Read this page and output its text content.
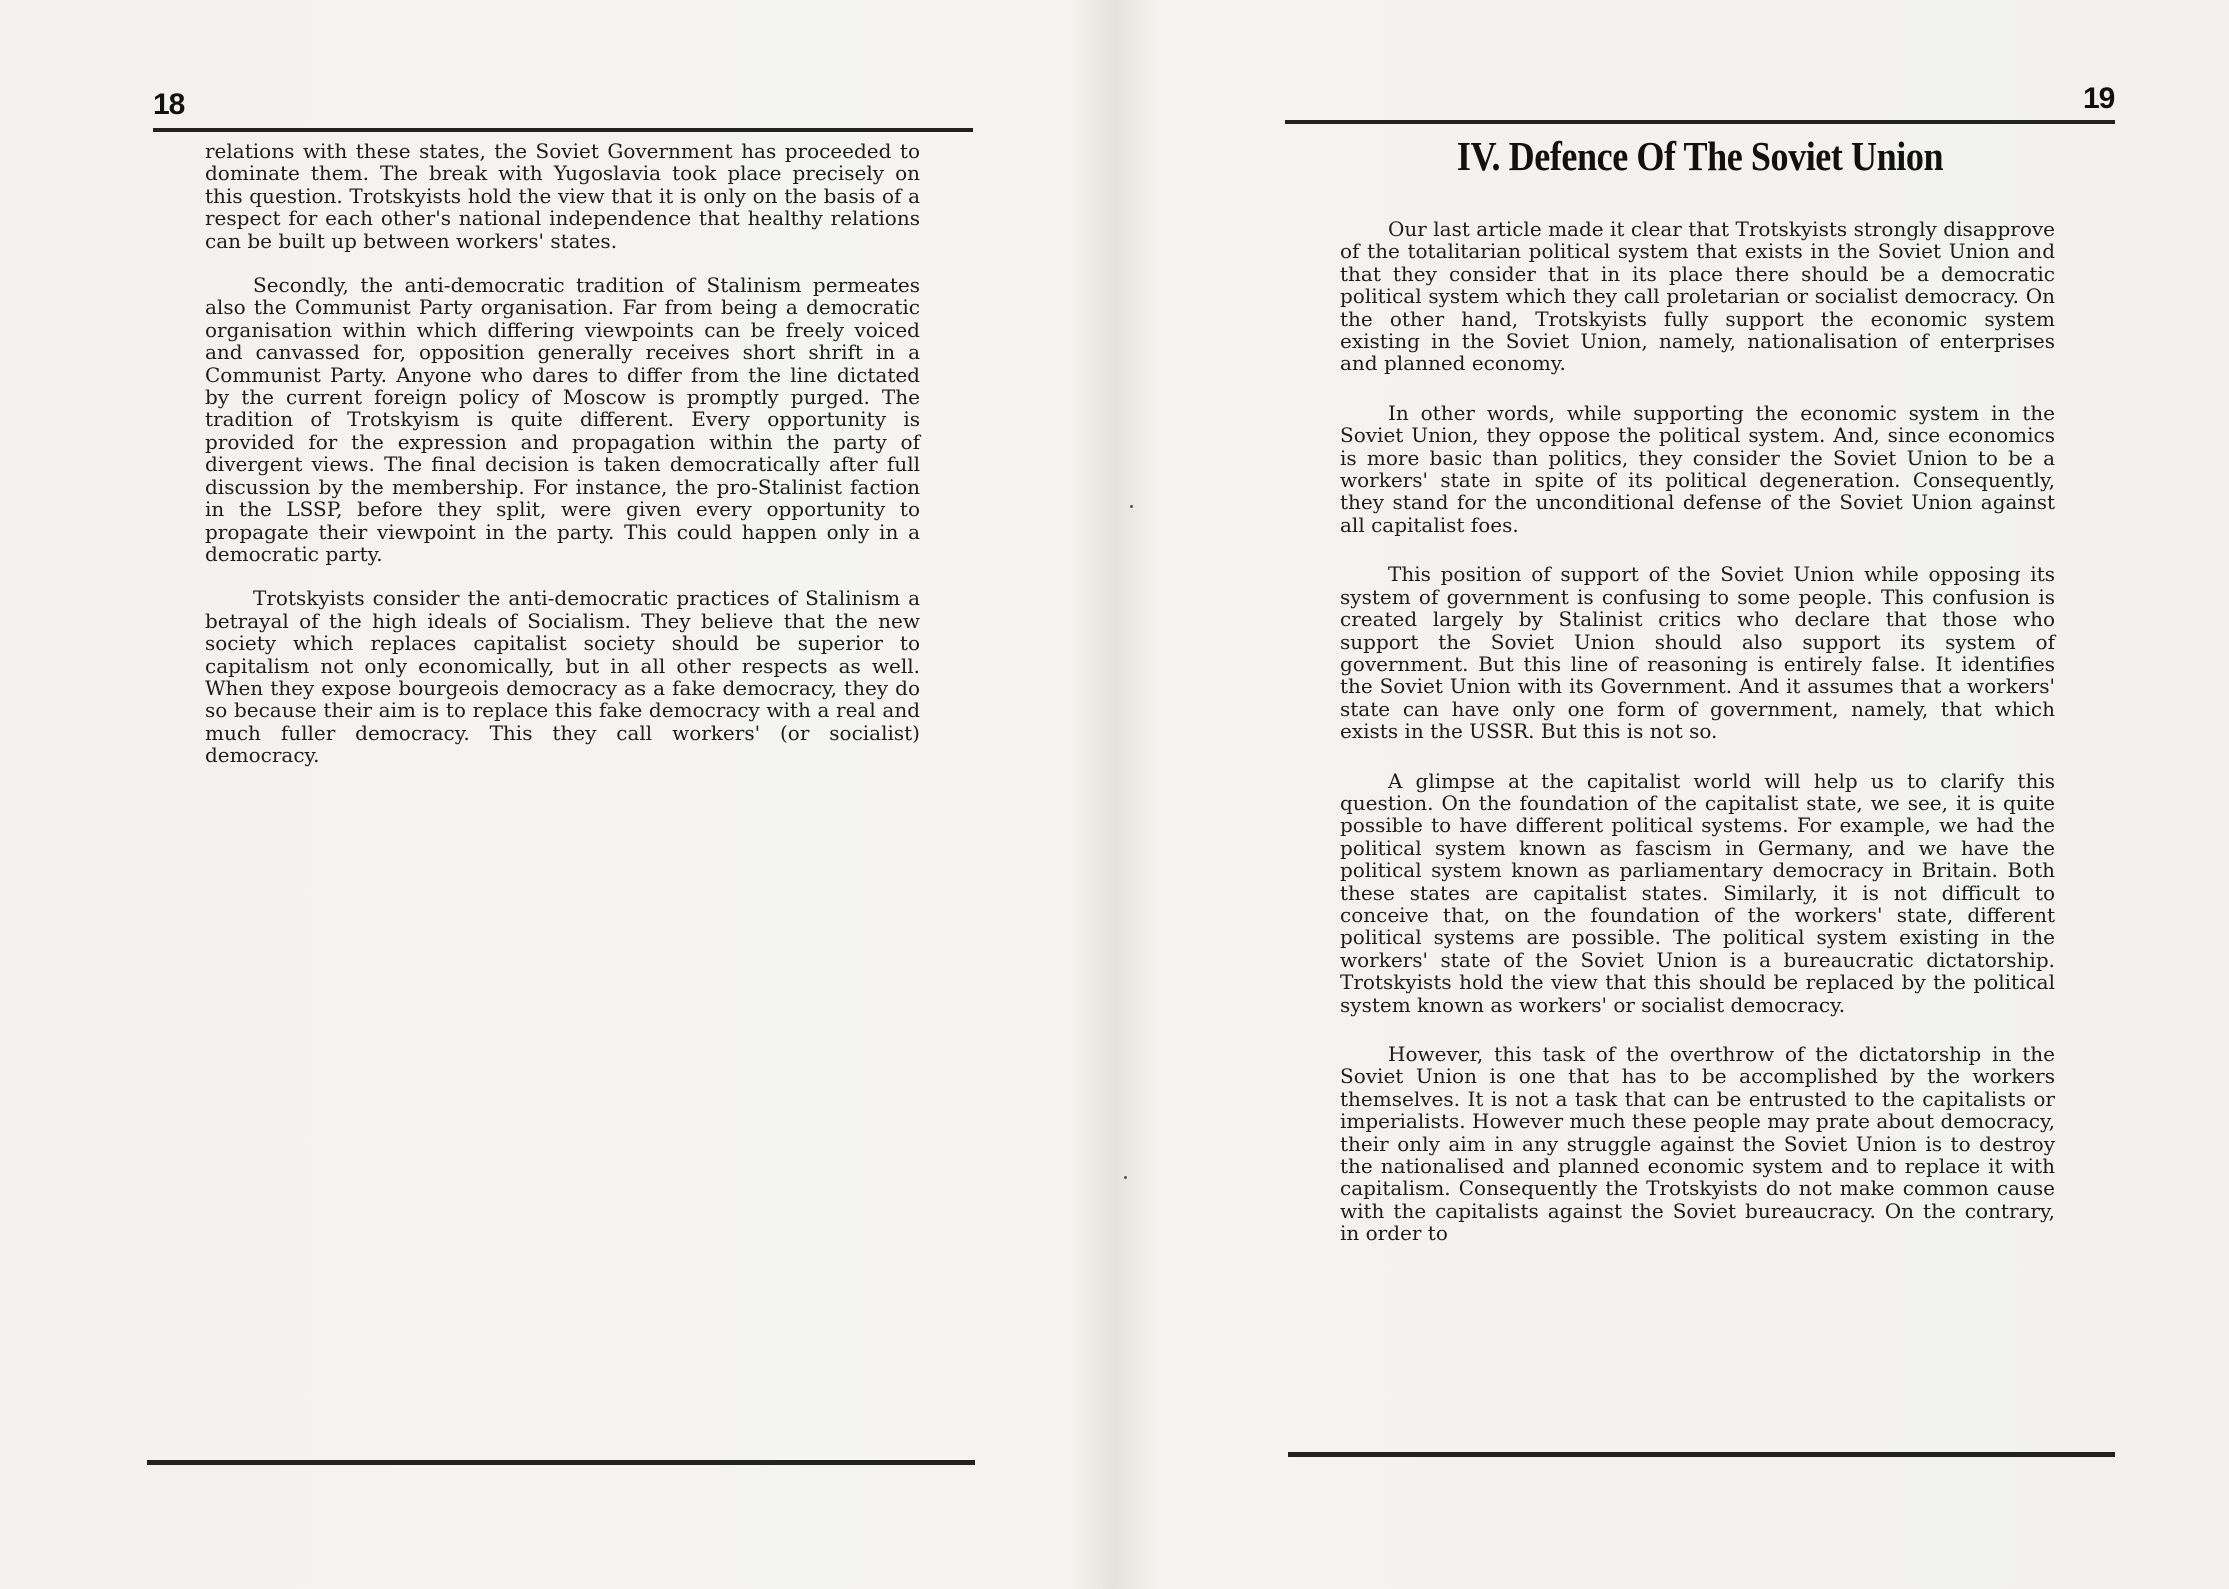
18

relations with these states, the Soviet Government has proceeded to dominate them. The break with Yugoslavia took place precisely on this question. Trotskyists hold the view that it is only on the basis of a respect for each other's national independence that healthy relations can be built up between workers' states.

Secondly, the anti-democratic tradition of Stalinism permeates also the Communist Party organisation. Far from being a democratic organisation within which differing viewpoints can be freely voiced and canvassed for, opposition generally receives short shrift in a Communist Party. Anyone who dares to differ from the line dictated by the current foreign policy of Moscow is promptly purged. The tradition of Trotskyism is quite different. Every opportunity is provided for the expression and propagation within the party of divergent views. The final decision is taken democratically after full discussion by the membership. For instance, the pro-Stalinist faction in the LSSP, before they split, were given every opportunity to propagate their viewpoint in the party. This could happen only in a democratic party.

Trotskyists consider the anti-democratic practices of Stalinism a betrayal of the high ideals of Socialism. They believe that the new society which replaces capitalist society should be superior to capitalism not only economically, but in all other respects as well. When they expose bourgeois democracy as a fake democracy, they do so because their aim is to replace this fake democracy with a real and much fuller democracy. This they call workers' (or socialist) democracy.

19
IV. Defence Of The Soviet Union

Our last article made it clear that Trotskyists strongly disapprove of the totalitarian political system that exists in the Soviet Union and that they consider that in its place there should be a democratic political system which they call proletarian or socialist democracy. On the other hand, Trotskyists fully support the economic system existing in the Soviet Union, namely, nationalisation of enterprises and planned economy.

In other words, while supporting the economic system in the Soviet Union, they oppose the political system. And, since economics is more basic than politics, they consider the Soviet Union to be a workers' state in spite of its political degeneration. Consequently, they stand for the unconditional defense of the Soviet Union against all capitalist foes.

This position of support of the Soviet Union while opposing its system of government is confusing to some people. This confusion is created largely by Stalinist critics who declare that those who support the Soviet Union should also support its system of government. But this line of reasoning is entirely false. It identifies the Soviet Union with its Government. And it assumes that a workers' state can have only one form of government, namely, that which exists in the USSR. But this is not so.

A glimpse at the capitalist world will help us to clarify this question. On the foundation of the capitalist state, we see, it is quite possible to have different political systems. For example, we had the political system known as fascism in Germany, and we have the political system known as parliamentary democracy in Britain. Both these states are capitalist states. Similarly, it is not difficult to conceive that, on the foundation of the workers' state, different political systems are possible. The political system existing in the workers' state of the Soviet Union is a bureaucratic dictatorship. Trotskyists hold the view that this should be replaced by the political system known as workers' or socialist democracy.

However, this task of the overthrow of the dictatorship in the Soviet Union is one that has to be accomplished by the workers themselves. It is not a task that can be entrusted to the capitalists or imperialists. However much these people may prate about democracy, their only aim in any struggle against the Soviet Union is to destroy the nationalised and planned economic system and to replace it with capitalism. Consequently the Trotskyists do not make common cause with the capitalists against the Soviet bureaucracy. On the contrary, in order to
